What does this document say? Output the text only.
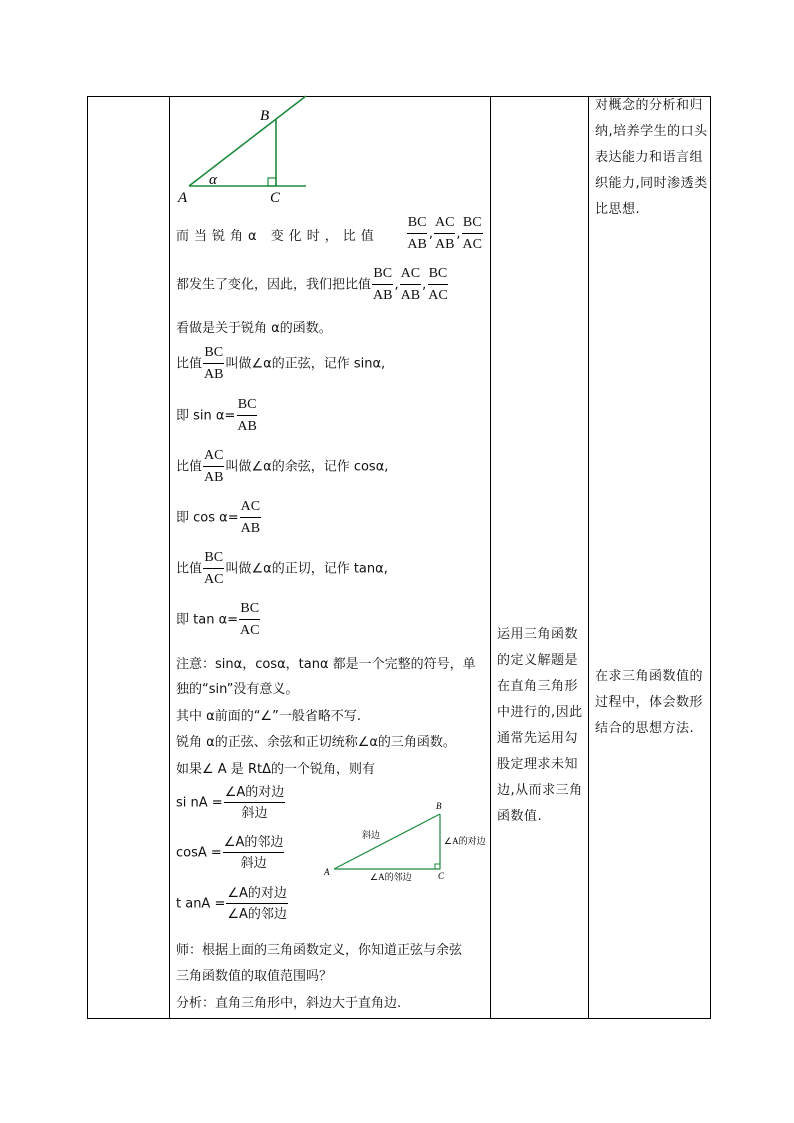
A
B
C
α
而当锐角α 变化时，比值 $\frac{BC}{AB}$ , $\frac{AC}{AB}$ , $\frac{BC}{AC}$
都发生了变化，因此，我们把比值 $\frac{BC}{AB}$ , $\frac{AC}{AB}$ , $\frac{BC}{AC}$
看做是关于锐角 α的函数。
比值 $\frac{BC}{AB}$ 叫做∠α的正弦，记作 sinα,
即 $\sin \alpha= \frac{BC}{AB}$
比值 $\frac{AC}{AB}$ 叫做∠α的余弦，记作 cosα,
即 $\cos \alpha= \frac{AC}{AB}$
比值 $\frac{BC}{AC}$ 叫做∠α的正切，记作 tanα,
即 $\tan \alpha= \frac{BC}{AC}$
注意：sinα，cosα，tanα 都是一个完整的符号，单
独的“sin”没有意义。
其中 α前面的“∠”一般省略不写.
锐角 α的正弦、余弦和正切统称∠α的三角函数。
如果∠ A 是 RtΔ的一个锐角，则有
si nA = $\frac{\text{∠A的对边}}{\text{斜边}}$
$\cos A = \frac{\text{∠A的邻边}}{\text{斜边}}$
t anA = $\frac{\text{∠A的对边}}{\text{∠A的邻边}}$
A
B
C
斜边
∠A的对边
∠A的邻边
师：根据上面的三角函数定义，你知道正弦与余弦
三角函数值的取值范围吗？
分析：直角三角形中，斜边大于直角边.

运用三角函数的定义解题是在直角三角形中进行的,因此通常先运用勾股定理求未知边,从而求三角函数值.

对概念的分析和归纳,培养学生的口头表达能力和语言组织能力,同时渗透类比思想.
在求三角函数值的过程中，体会数形结合的思想方法.
